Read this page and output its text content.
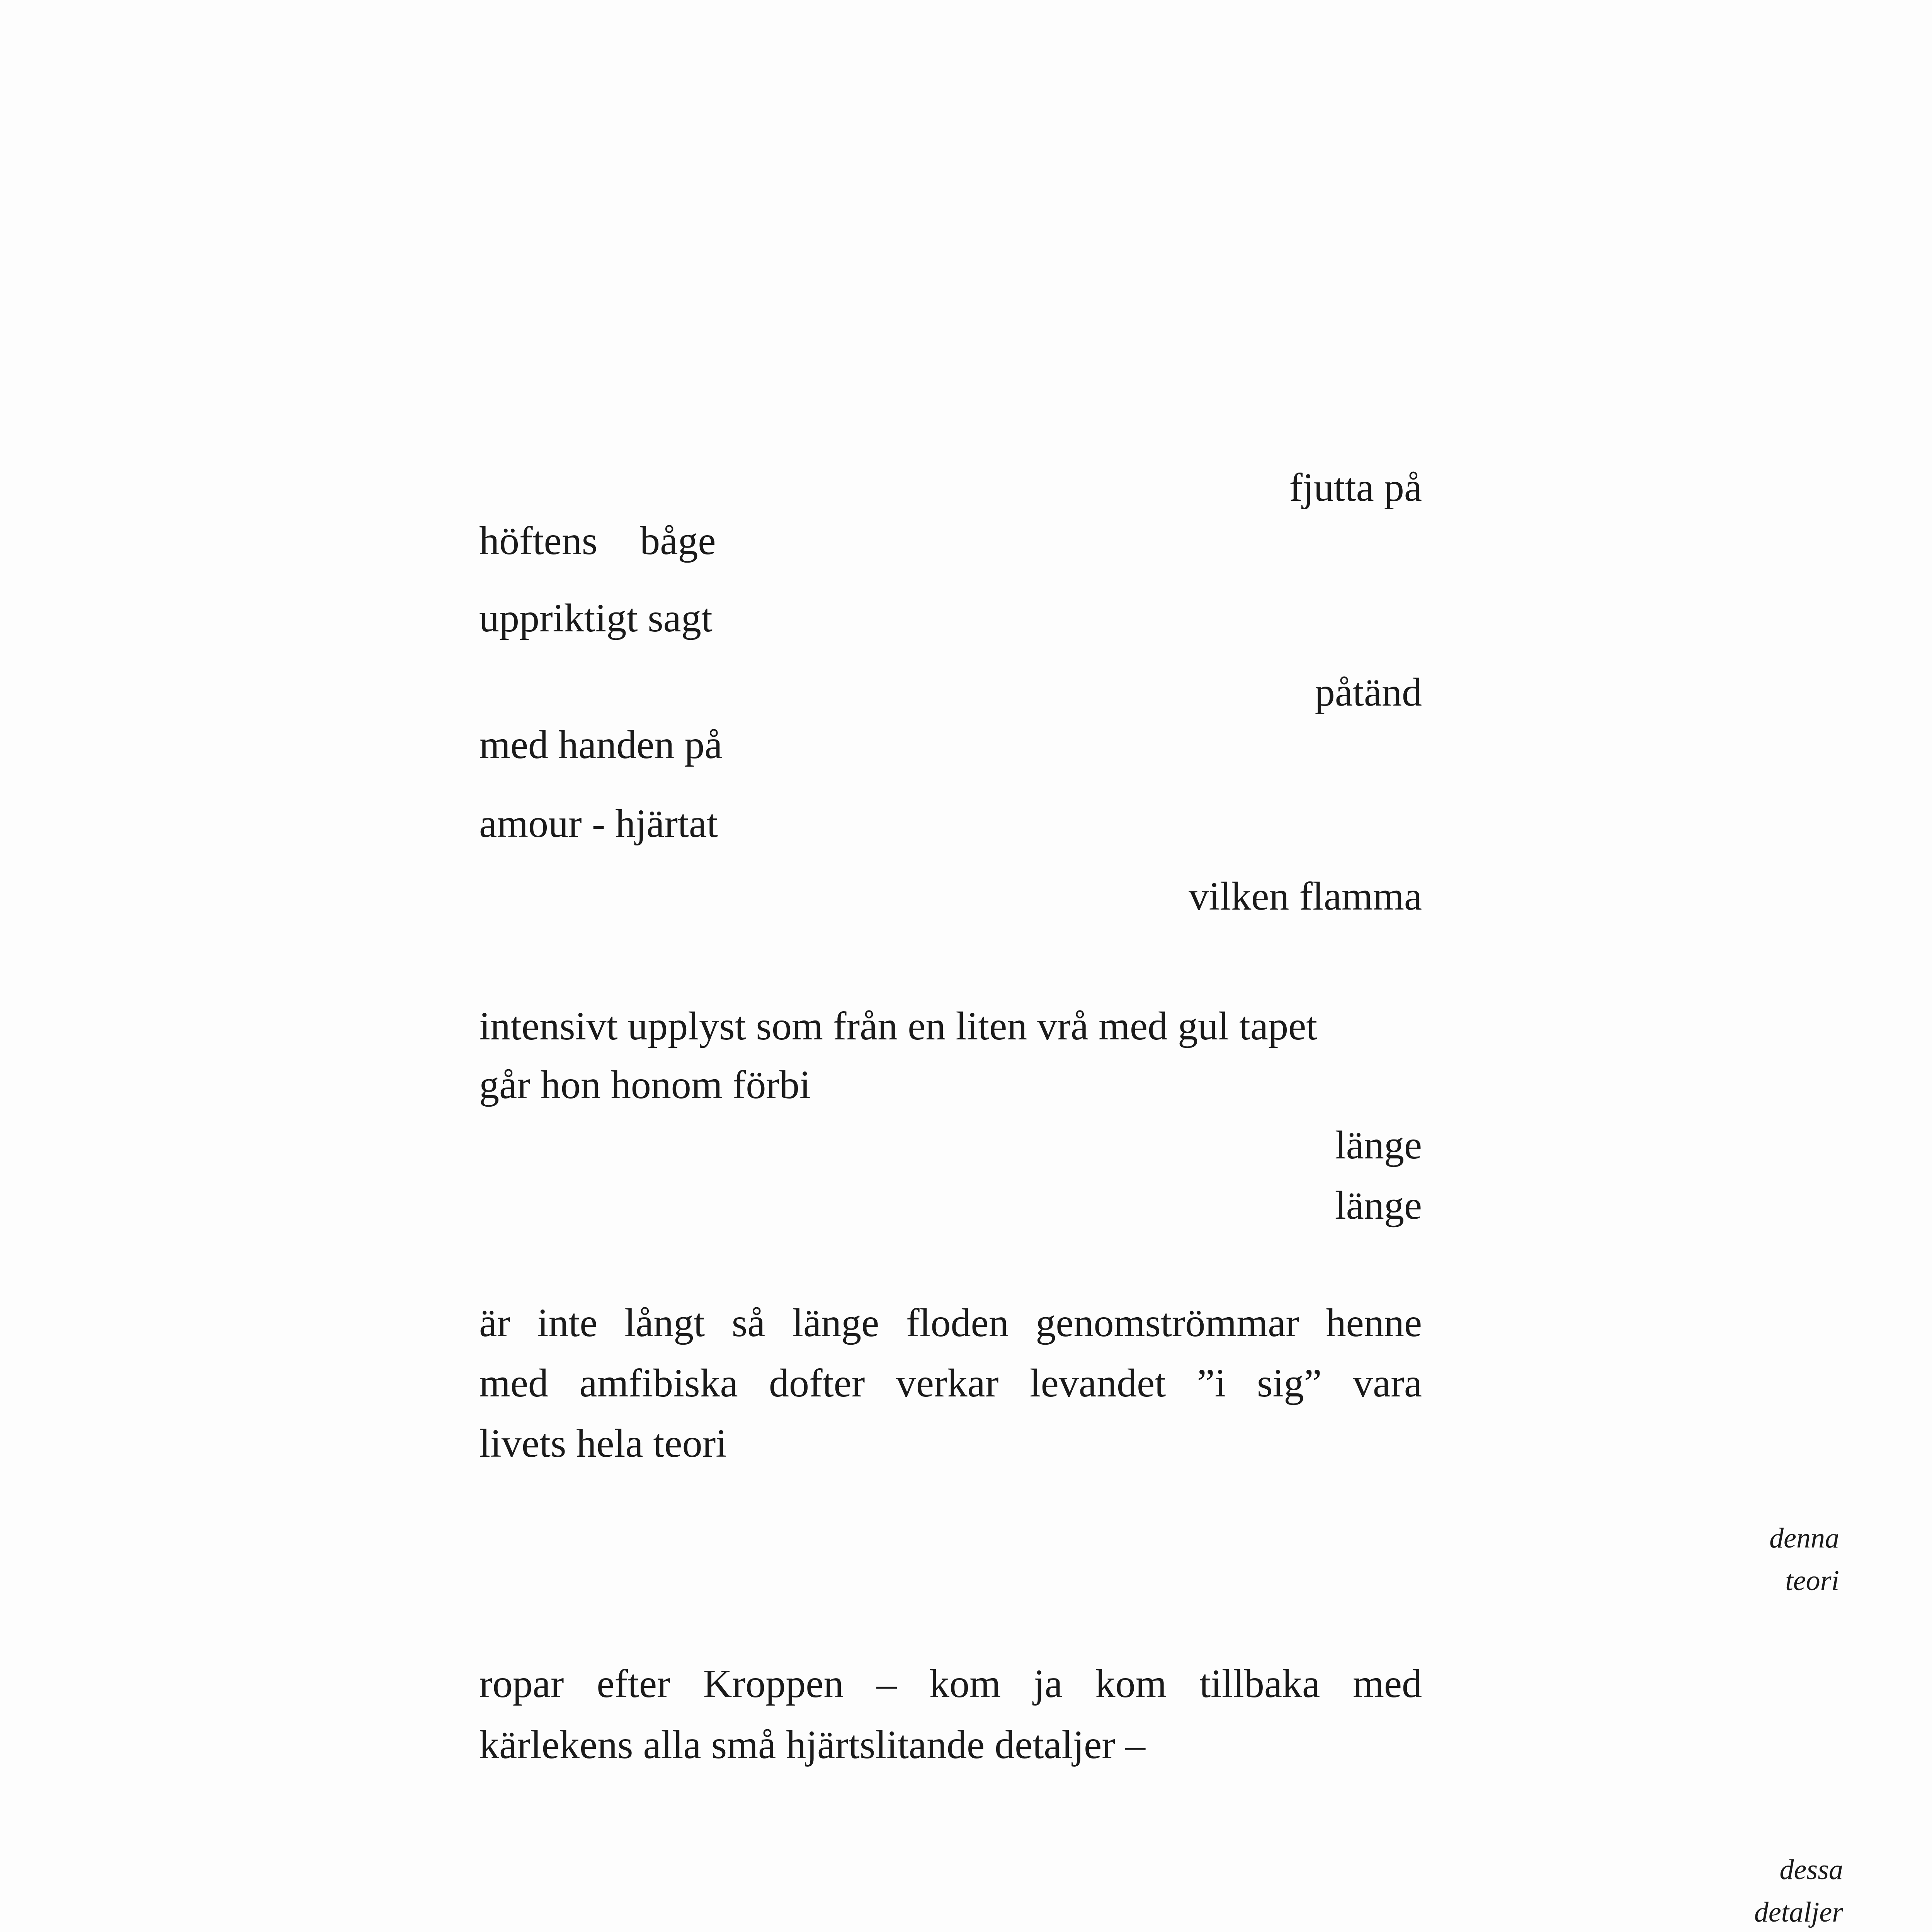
fjutta på
höftens båge
uppriktigt sagt
påtänd
med handen på
amour - hjärtat
vilken flamma
intensivt upplyst som från en liten vrå med gul tapet
går hon honom förbi
länge
länge
är inte långt så länge floden genomströmmar henne
med amfibiska dofter verkar levandet ”i sig” vara
livets hela teori
denna
teori
ropar efter Kroppen – kom ja kom tillbaka med
kärlekens alla små hjärtslitande detaljer –
dessa
detaljer
